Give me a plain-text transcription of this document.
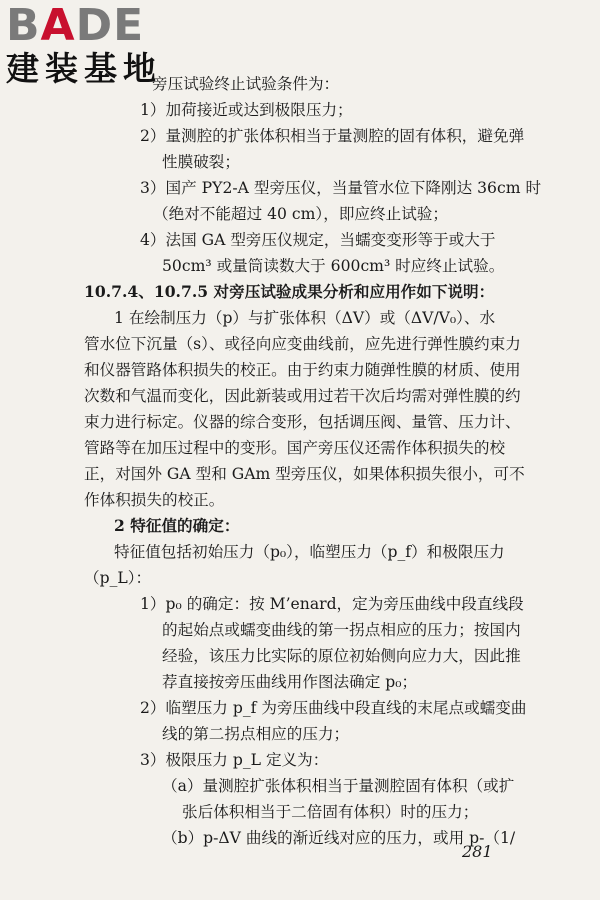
BADE
建装基地
旁压试验终止试验条件为：
1）加荷接近或达到极限压力；
2）量测腔的扩张体积相当于量测腔的固有体积，避免弹
性膜破裂；
3）国产 PY2-A 型旁压仪，当量管水位下降刚达 36cm 时
（绝对不能超过 40 cm），即应终止试验；
4）法国 GA 型旁压仪规定，当蠕变变形等于或大于
50cm³ 或量筒读数大于 600cm³ 时应终止试验。
10.7.4、10.7.5 对旁压试验成果分析和应用作如下说明：
1 在绘制压力（p）与扩张体积（ΔV）或（ΔV/V₀）、水
管水位下沉量（s）、或径向应变曲线前，应先进行弹性膜约束力
和仪器管路体积损失的校正。由于约束力随弹性膜的材质、使用
次数和气温而变化，因此新装或用过若干次后均需对弹性膜的约
束力进行标定。仪器的综合变形，包括调压阀、量管、压力计、
管路等在加压过程中的变形。国产旁压仪还需作体积损失的校
正，对国外 GA 型和 GAm 型旁压仪，如果体积损失很小，可不
作体积损失的校正。
2 特征值的确定：
特征值包括初始压力（p₀），临塑压力（p_f）和极限压力
（p_L）：
1）p₀ 的确定：按 M’enard，定为旁压曲线中段直线段
的起始点或蠕变曲线的第一拐点相应的压力；按国内
经验，该压力比实际的原位初始侧向应力大，因此推
荐直接按旁压曲线用作图法确定 p₀；
2）临塑压力 p_f 为旁压曲线中段直线的末尾点或蠕变曲
线的第二拐点相应的压力；
3）极限压力 p_L 定义为：
（a）量测腔扩张体积相当于量测腔固有体积（或扩
张后体积相当于二倍固有体积）时的压力；
（b）p-ΔV 曲线的渐近线对应的压力，或用 p-（1/
281
